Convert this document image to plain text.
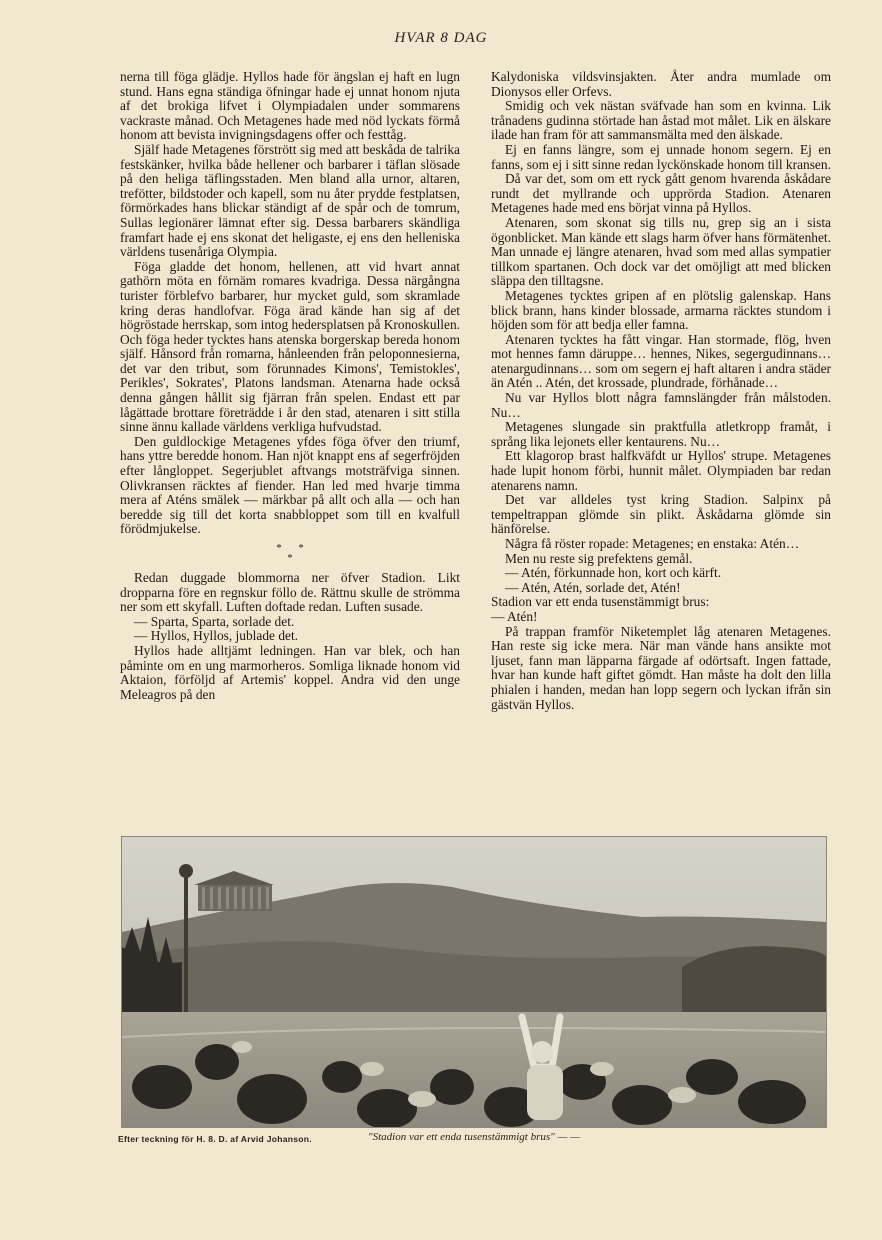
HVAR 8 DAG

nerna till föga glädje. Hyllos hade för ängslan ej haft en lugn stund. Hans egna ständiga öfningar hade ej unnat honom njuta af det brokiga lifvet i Olympiadalen under sommarens vackraste månad. Och Metagenes hade med nöd lyckats förmå honom att bevista invigningsdagens offer och festtåg.

Själf hade Metagenes förstrött sig med att beskåda de talrika festskänker, hvilka både hellener och barbarer i täflan slösade på den heliga täflingsstaden. Men bland alla urnor, altaren, trefötter, bildstoder och kapell, som nu åter prydde festplatsen, förmörkades hans blickar ständigt af de spår och de tomrum, Sullas legionärer lämnat efter sig. Dessa barbarers skändliga framfart hade ej ens skonat det heligaste, ej ens den helleniska världens tusenåriga Olympia.

Föga gladde det honom, hellenen, att vid hvart annat gathörn möta en förnäm romares kvadriga. Dessa närgångna turister förblefvo barbarer, hur mycket guld, som skramlade kring deras handlofvar. Föga ärad kände han sig af det högröstade herrskap, som intog hedersplatsen på Kronoskullen. Och föga heder tycktes hans atenska borgerskap bereda honom själf. Hånsord från romarna, hånleenden från peloponnesierna, det var den tribut, som förunnades Kimons', Temistokles', Perikles', Sokrates', Platons landsman. Atenarna hade också denna gången hållit sig fjärran från spelen. Endast ett par lågättade brottare företrädde i år den stad, atenaren i sitt stilla sinne ännu kallade världens verkliga hufvudstad.

Den guldlockige Metagenes yfdes föga öfver den triumf, hans yttre beredde honom. Han njöt knappt ens af segerfröjden efter långloppet. Segerjublet aftvangs motsträfviga sinnen. Olivkransen räcktes af fiender. Han led med hvarje timma mera af Aténs smälek — märkbar på allt och alla — och han beredde sig till det korta snabbloppet som till en kvalfull förödmjukelse.

*      *
*

Redan duggade blommorna ner öfver Stadion. Likt dropparna före en regnskur föllo de. Rättnu skulle de strömma ner som ett skyfall. Luften doftade redan. Luften susade.

— Sparta, Sparta, sorlade det.

— Hyllos, Hyllos, jublade det.

Hyllos hade alltjämt ledningen. Han var blek, och han påminte om en ung marmorheros. Somliga liknade honom vid Aktaion, förföljd af Artemis' koppel. Andra vid den unge Meleagros på den

Kalydoniska vildsvinsjakten. Åter andra mumlade om Dionysos eller Orfevs.

Smidig och vek nästan sväfvade han som en kvinna. Lik trånadens gudinna störtade han åstad mot målet. Lik en älskare ilade han fram för att sammansmälta med den älskade.

Ej en fanns längre, som ej unnade honom segern. Ej en fanns, som ej i sitt sinne redan lyckönskade honom till kransen.

Då var det, som om ett ryck gått genom hvarenda åskådare rundt det myllrande och upprörda Stadion. Atenaren Metagenes hade med ens börjat vinna på Hyllos.

Atenaren, som skonat sig tills nu, grep sig an i sista ögonblicket. Man kände ett slags harm öfver hans förmätenhet. Man unnade ej längre atenaren, hvad som med allas sympatier tillkom spartanen. Och dock var det omöjligt att med blicken släppa den tilltagsne.

Metagenes tycktes gripen af en plötslig galenskap. Hans blick brann, hans kinder blossade, armarna räcktes stundom i höjden som för att bedja eller famna.

Atenaren tycktes ha fått vingar. Han stormade, flög, hven mot hennes famn däruppe… hennes, Nikes, segergudinnans… atenargudinnans… som om segern ej haft altaren i andra städer än Atén .. Atén, det krossade, plundrade, förhånade…

Nu var Hyllos blott några famnslängder från målstoden. Nu…

Metagenes slungade sin praktfulla atletkropp framåt, i språng lika lejonets eller kentaurens. Nu…

Ett klagorop brast halfkväfdt ur Hyllos' strupe. Metagenes hade lupit honom förbi, hunnit målet. Olympiaden bar redan atenarens namn.

Det var alldeles tyst kring Stadion. Salpinx på tempeltrappan glömde sin plikt. Åskådarna glömde sin hänförelse.

Några få röster ropade: Metagenes; en enstaka: Atén…

Men nu reste sig prefektens gemål.

— Atén, förkunnade hon, kort och kärft.

— Atén, Atén, sorlade det, Atén!

Stadion var ett enda tusenstämmigt brus:

— Atén!

På trappan framför Niketemplet låg atenaren Metagenes. Han reste sig icke mera. När man vände hans ansikte mot ljuset, fann man läpparna färgade af odörtsaft. Ingen fattade, hvar han kunde haft giftet gömdt. Han måste ha dolt den lilla phialen i handen, medan han lopp segern och lyckan ifrån sin gästvän Hyllos.

Efter teckning för H. 8. D. af Arvid Johanson.	"Stadion var ett enda tusenstämmigt brus" — —
